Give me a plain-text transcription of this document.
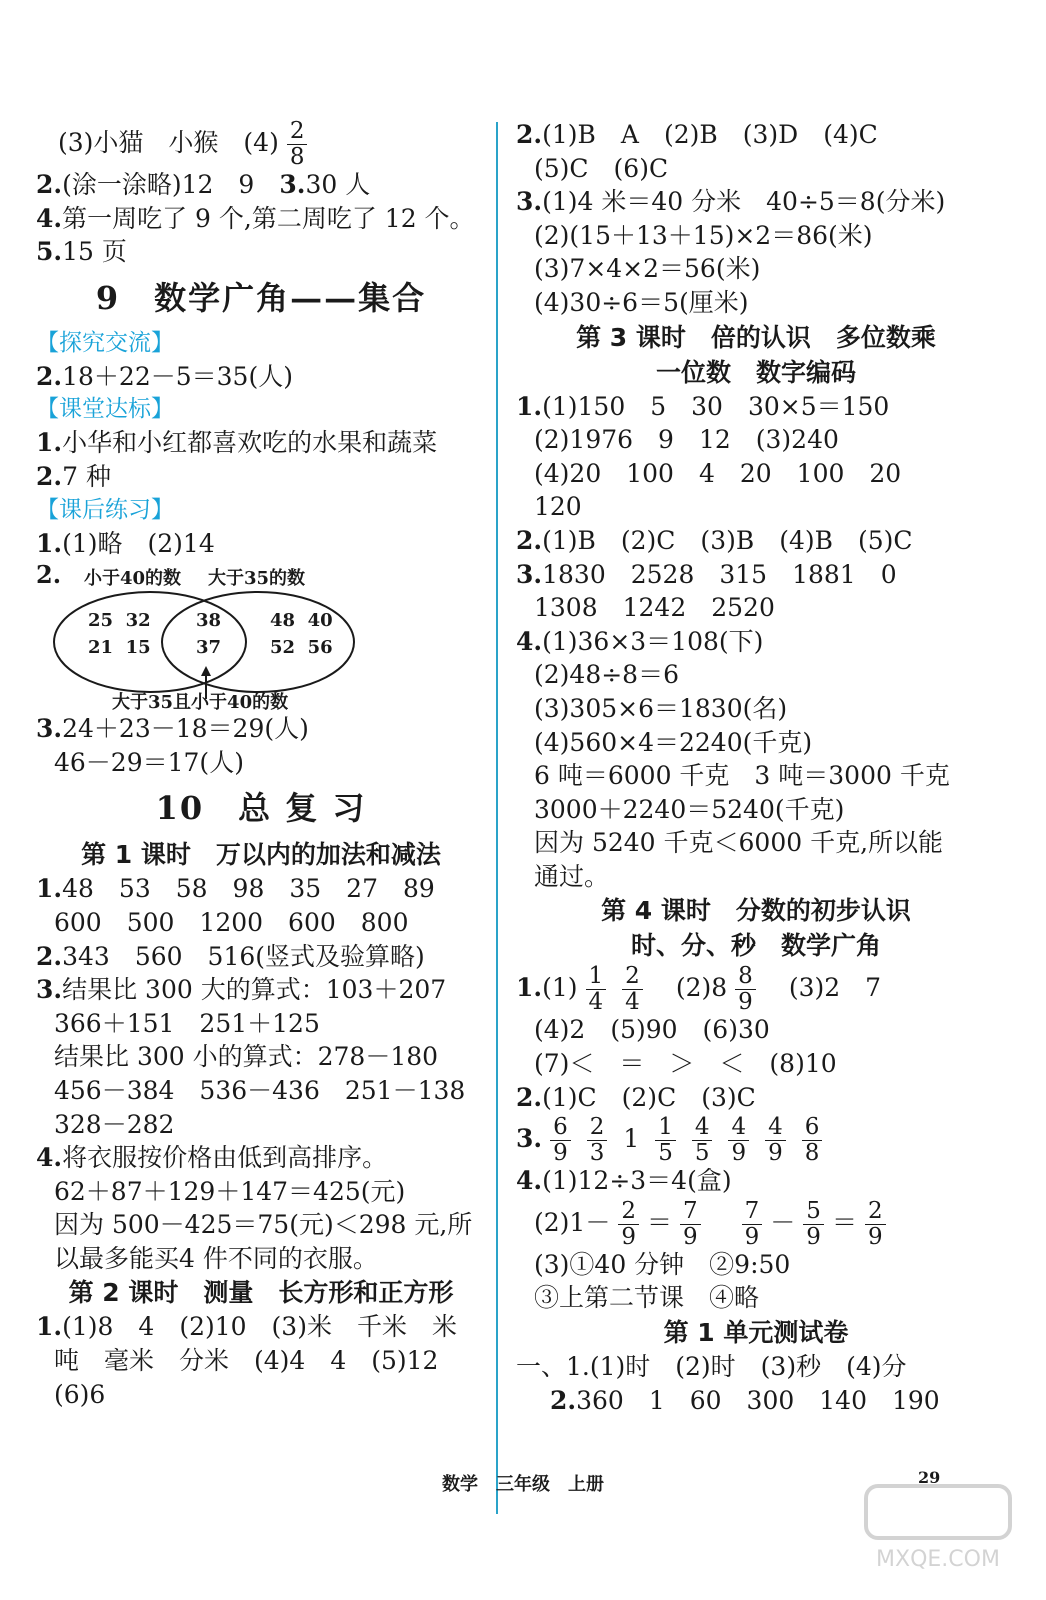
(3)小猫　小猴　$(4) \frac{2}{8}$
2.(涂一涂略)12　9　3.30 人
4.第一周吃了 9 个,第二周吃了 12 个。
5.15 页
9　数学广角——集合
【探究交流】
2.18＋22－5＝35(人)
【课堂达标】
1.小华和小红都喜欢吃的水果和蔬菜
2.7 种
【课后练习】
1.(1)略　(2)14
2. 小于40的数 大于35的数
25  32
21  15
38
37
48  40
52  56
大于35且小于40的数
3.24＋23－18＝29(人)
46－29＝17(人)
10　总 复 习
第 1 课时　万以内的加法和减法
1.48　53　58　98　35　27　89
600　500　1200　600　800
2.343　560　516(竖式及验算略)
3.结果比 300 大的算式：103＋207
366＋151　251＋125
结果比 300 小的算式：278－180
456－384　536－436　251－138
328－282
4.将衣服按价格由低到高排序。
62＋87＋129＋147＝425(元)
因为 500－425＝75(元)＜298 元,所
以最多能买4 件不同的衣服。
第 2 课时　测量　长方形和正方形
1.(1)8　4　(2)10　(3)米　千米　米
吨　毫米　分米　(4)4　4　(5)12
(6)6
2.(1)B　A　(2)B　(3)D　(4)C
(5)C　(6)C
3.(1)4 米＝40 分米　40÷5＝8(分米)
(2)(15＋13＋15)×2＝86(米)
(3)7×4×2＝56(米)
(4)30÷6＝5(厘米)
第 3 课时　倍的认识　多位数乘
一位数　数字编码
1.(1)150　5　30　30×5＝150
(2)1976　9　12　(3)240
(4)20　100　4　20　100　20
120
2.(1)B　(2)C　(3)B　(4)B　(5)C
3.1830　2528　315　1881　0
1308　1242　2520
4.(1)36×3＝108(下)
(2)48÷8＝6
(3)305×6＝1830(名)
(4)560×4＝2240(千克)
6 吨＝6000 千克　3 吨＝3000 千克
3000＋2240＝5240(千克)
因为 5240 千克＜6000 千克,所以能
通过。
第 4 课时　分数的初步认识
时、分、秒　数学广角
$1.(1) \frac{1}{4} \frac{2}{4}$
　 $(2)8 \frac{8}{9}$
　 (3)2　7
(4)2　(5)90　(6)30
(7)＜　＝　＞　＜　(8)10
2.(1)C　(2)C　(3)C
3. $\frac{6}{9} \frac{2}{3} 1 \frac{1}{5} \frac{4}{5} \frac{4}{9} \frac{4}{9} \frac{6}{8}$
4.(1)12÷3＝4(盒)
$(2)1- \frac{2}{9} = \frac{7}{9}$
　 $\frac{7}{9} - \frac{5}{9} = \frac{2}{9}$
(3)①40 分钟　②9:50
③上第二节课　④略
第 1 单元测试卷
一、1.(1)时　(2)时　(3)秒　(4)分
2.360　1　60　300　140　190
数学　三年级　上册	29
MXQE.COM
